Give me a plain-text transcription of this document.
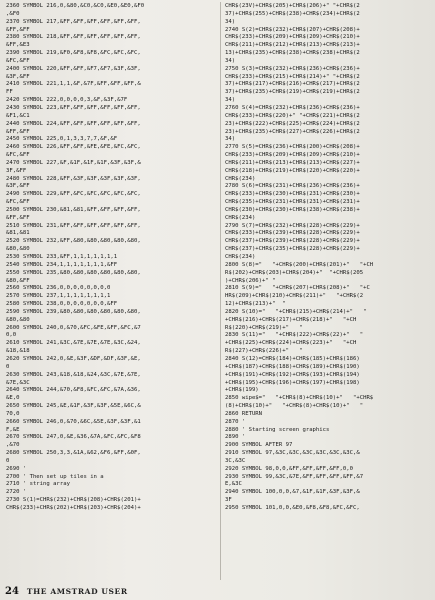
2360 SYMBOL 216,0,&80,&C0,&C0,&E0,&E0,&F0
,&F0
2370 SYMBOL 217,&FF,&FF,&FF,&FF,&FF,&FF,
&FF,&FF
2380 SYMBOL 218,&FF,&FF,&FF,&FF,&FF,&FF,
&FF,&E3
2390 SYMBOL 219,&F0,&F8,&F8,&FC,&FC,&FC,
&FC,&FF
2400 SYMBOL 220,&FF,&FF,&F7,&F7,&3F,&3F,
&3F,&FF
2410 SYMBOL 221,1,1,&F,&7F,&FF,&FF,&FF,&
FF
2420 SYMBOL 222,0,0,0,0,3,&F,&3F,&7F
2430 SYMBOL 223,&FF,&FF,&FF,&FF,&FF,&FF,
&F1,&C1
2440 SYMBOL 224,&FF,&FF,&FF,&FF,&FF,&FF,
&FF,&FF
2450 SYMBOL 225,0,1,3,3,7,7,&F,&F
2460 SYMBOL 226,&FF,&FF,&FE,&FE,&FC,&FC,
&FC,&FF
2470 SYMBOL 227,&F,&1F,&1F,&1F,&3F,&3F,&
3F,&FF
2480 SYMBOL 228,&FF,&3F,&3F,&3F,&3F,&3F,
&3F,&FF
2490 SYMBOL 229,&FF,&FC,&FC,&FC,&FC,&FC,
&FC,&FF
2500 SYMBOL 230,&81,&81,&FF,&FF,&FF,&FF,
&FF,&FF
2510 SYMBOL 231,&FF,&FF,&FF,&FF,&FF,&FF,
&81,&81
2520 SYMBOL 232,&FF,&80,&80,&80,&80,&80,
&80,&80
2530 SYMBOL 233,&FF,1,1,1,1,1,1,1
2540 SYMBOL 234,1,1,1,1,1,1,1,&FF
2550 SYMBOL 235,&80,&80,&80,&80,&80,&80,
&80,&FF
2560 SYMBOL 236,0,0,0,0,0,0,0,0
2570 SYMBOL 237,1,1,1,1,1,1,1,1
2580 SYMBOL 238,0,0,0,0,0,0,0,&FF
2590 SYMBOL 239,&80,&80,&80,&80,&80,&80,
&80,&80
2600 SYMBOL 240,0,&70,&FC,&FE,&FF,&FC,&7
0,0
2610 SYMBOL 241,&3C,&7E,&7E,&7E,&3C,&24,
&18,&18
2620 SYMBOL 242,0,&E,&3F,&DF,&DF,&3F,&E,
0
2630 SYMBOL 243,&18,&18,&24,&3C,&7E,&7E,
&7E,&3C
2640 SYMBOL 244,&70,&F8,&FC,&FC,&7A,&36,
&E,0
2650 SYMBOL 245,&E,&1F,&3F,&3F,&5E,&6C,&
70,0
2660 SYMBOL 246,0,&70,&6C,&5E,&3F,&3F,&1
F,&E
2670 SYMBOL 247,0,&E,&36,&7A,&FC,&FC,&F8
,&70
2680 SYMBOL 250,3,3,&1A,&62,&F6,&FF,&0F,
0
2690 '
2700 ' Then set up tiles in a
2710 ' string array
2720 '
2730 S(1)=CHR$(232)+CHR$(208)+CHR$(201)+
CHR$(233)+CHR$(202)+CHR$(203)+CHR$(204)+
CHR$(23V)+CHR$(205)+CHR$(206)+" "+CHR$(2
37)+CHR$(255)+CHR$(238)+CHR$(234)+CHR$(2
34)
2740 S(2)=CHR$(232)+CHR$(207)+CHR$(208)+
CHR$(233)+CHR$(209)+CHR$(209)+CHR$(210)+
CHR$(211)+CHR$(212)+CHR$(213)+CHR$(213)+
13)+CHR$(235)+CHR$(238)+CHR$(238)+CHR$(2
34)
2750 S(3)=CHR$(232)+CHR$(236)+CHR$(236)+
CHR$(233)+CHR$(215)+CHR$(214)+" "+CHR$(2
37)+CHR$(217)+CHR$(216)+CHR$(217)+CHR$(2
37)+CHR$(235)+CHR$(219)+CHR$(219)+CHR$(2
34)
2760 S(4)=CHR$(232)+CHR$(236)+CHR$(236)+
CHR$(233)+CHR$(220)+" "+CHR$(221)+CHR$(2
23)+CHR$(222)+CHR$(225)+CHR$(224)+CHR$(2
23)+CHR$(235)+CHR$(227)+CHR$(226)+CHR$(2
34)
2770 S(5)=CHR$(236)+CHR$(200)+CHR$(208)+
CHR$(233)+CHR$(209)+CHR$(209)+CHR$(210)+
CHR$(211)+CHR$(213)+CHR$(213)+CHR$(227)+
CHR$(218)+CHR$(219)+CHR$(220)+CHR$(220)+
CHR$(234)
2780 S(6)=CHR$(231)+CHR$(236)+CHR$(236)+
CHR$(233)+CHR$(230)+CHR$(231)+CHR$(230)+
CHR$(235)+CHR$(231)+CHR$(231)+CHR$(231)+
CHR$(230)+CHR$(230)+CHR$(238)+CHR$(238)+
CHR$(234)
2790 S(7)=CHR$(232)+CHR$(228)+CHR$(229)+
CHR$(233)+CHR$(239)+CHR$(228)+CHR$(229)+
CHR$(237)+CHR$(239)+CHR$(228)+CHR$(229)+
CHR$(237)+CHR$(235)+CHR$(228)+CHR$(229)+
CHR$(234)
2800 S(8)="   "+CHR$(200)+CHR$(201)+"   "+CH
R$(202)+CHR$(203)+CHR$(204)+"  "+CHR$(205
)+CHR$(206)+" "
2810 S(9)="   "+CHR$(207)+CHR$(208)+"   "+C
HR$(209)+CHR$(210)+CHR$(211)+"   "+CHR$(2
12)+CHR$(213)+"  "
2820 S(10)="   "+CHR$(215)+CHR$(214)+"   "
+CHR$(216)+CHR$(217)+CHR$(218)+"   "+CH
R$(220)+CHR$(219)+"   "
2830 S(11)="   "+CHR$(222)+CHR$(22)+"   "
+CHR$(225)+CHR$(224)+CHR$(223)+"   "+CH
R$(227)+CHR$(226)+"   "
2840 S(12)=CHR$(184)+CHR$(185)+CHR$(186)
+CHR$(187)+CHR$(188)+CHR$(189)+CHR$(190)
+CHR$(191)+CHR$(192)+CHR$(193)+CHR$(194)
+CHR$(195)+CHR$(196)+CHR$(197)+CHR$(198)
+CHR$(199)
2850 wipe$="   "+CHR$(8)+CHR$(10)+"   "+CHR$
(8)+CHR$(10)+"   "+CHR$(8)+CHR$(10)+"   "
2860 RETURN
2870 '
2880 ' Starting screen graphics
2890 '
2900 SYMBOL AFTER 97
2910 SYMBOL 97,&3C,&3C,&3C,&3C,&3C,&3C,&
3C,&3C
2920 SYMBOL 98,0,0,&FF,&FF,&FF,&FF,0,0
2930 SYMBOL 99,&3C,&7E,&FF,&FF,&FF,&FF,&7
E,&3C
2940 SYMBOL 100,0,0,&7,&1F,&1F,&3F,&3F,&
3F
2950 SYMBOL 101,0,0,&E0,&F8,&F8,&FC,&FC,
24 THE AMSTRAD USER
